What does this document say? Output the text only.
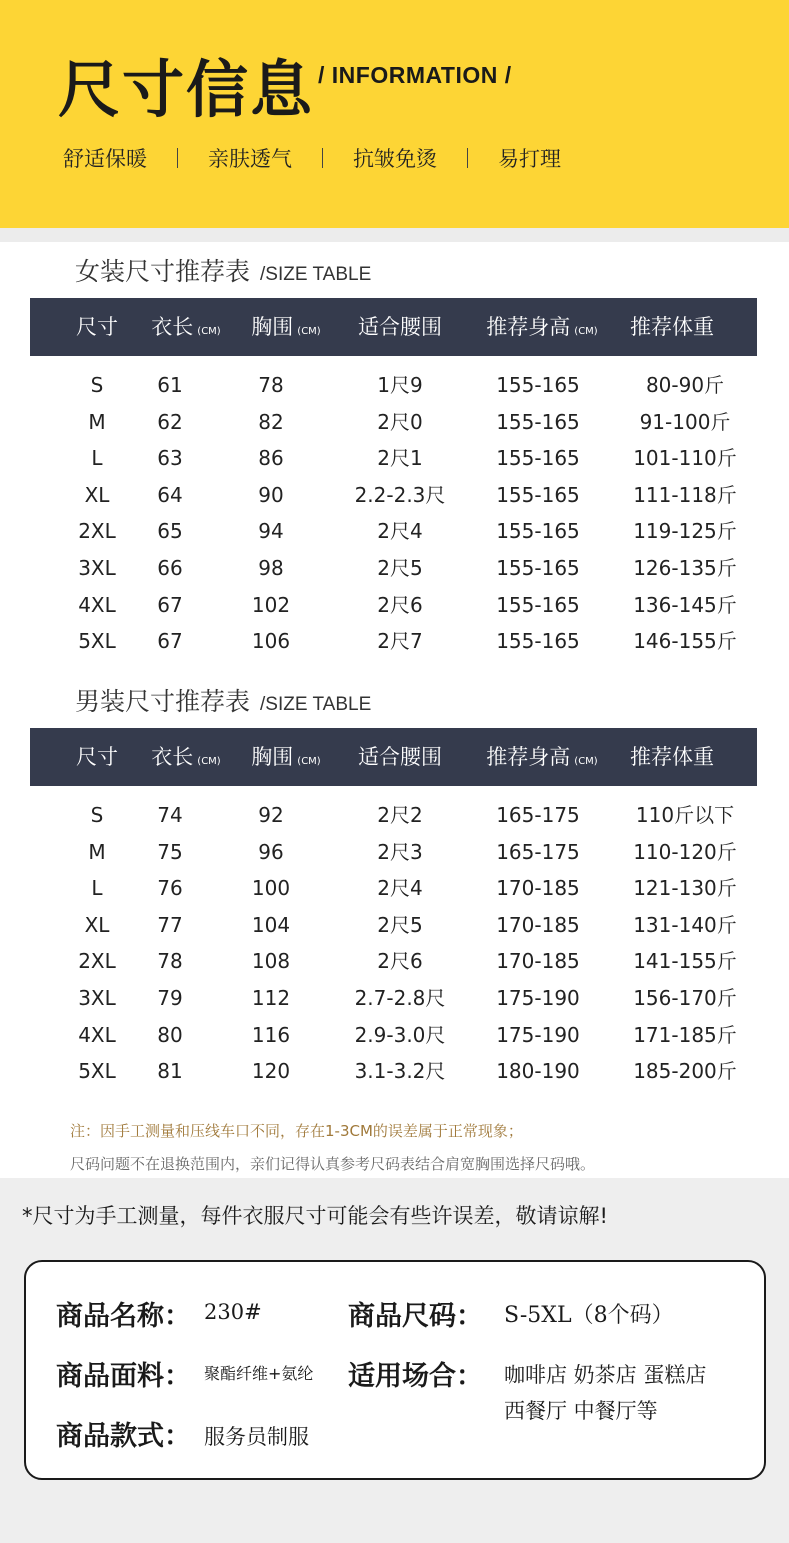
尺寸信息 / INFORMATION /
舒适保暖	亲肤透气	抗皱免烫	易打理
女装尺寸推荐表 /SIZE TABLE
尺寸 衣长 (CM) 胸围 (CM) 适合腰围 推荐身高 (CM) 推荐体重
S	61	78	1尺9	155-165	80-90斤
M	62	82	2尺0	155-165	91-100斤
L	63	86	2尺1	155-165	101-110斤
XL 64	90	2.2-2.3尺	155-165	111-118斤
2XL 65	94	2尺4	155-165	119-125斤
3XL 66	98	2尺5	155-165	126-135斤
4XL 67	102	2尺6	155-165	136-145斤
5XL 67	106	2尺7	155-165	146-155斤
男装尺寸推荐表 /SIZE TABLE
尺寸 衣长 (CM) 胸围 (CM) 适合腰围 推荐身高 (CM) 推荐体重
S	74	92	2尺2	165-175	110斤以下
M	75	96	2尺3	165-175	110-120斤
L	76	100	2尺4	170-185	121-130斤
XL 77	104	2尺5	170-185	131-140斤
2XL 78	108	2尺6	170-185	141-155斤
3XL 79	112	2.7-2.8尺	175-190	156-170斤
4XL 80	116	2.9-3.0尺	175-190	171-185斤
5XL 81	120	3.1-3.2尺	180-190	185-200斤
注：因手工测量和压线车口不同，存在1-3CM的误差属于正常现象；
尺码问题不在退换范围内，亲们记得认真参考尺码表结合肩宽胸围选择尺码哦。
*尺寸为手工测量，每件衣服尺寸可能会有些许误差，敬请谅解!
商品名称： 230#	商品尺码： S-5XL（8个码）
商品面料： 聚酯纤维+氨纶 适用场合： 咖啡店 奶茶店 蛋糕店
西餐厅 中餐厅等
商品款式： 服务员制服
